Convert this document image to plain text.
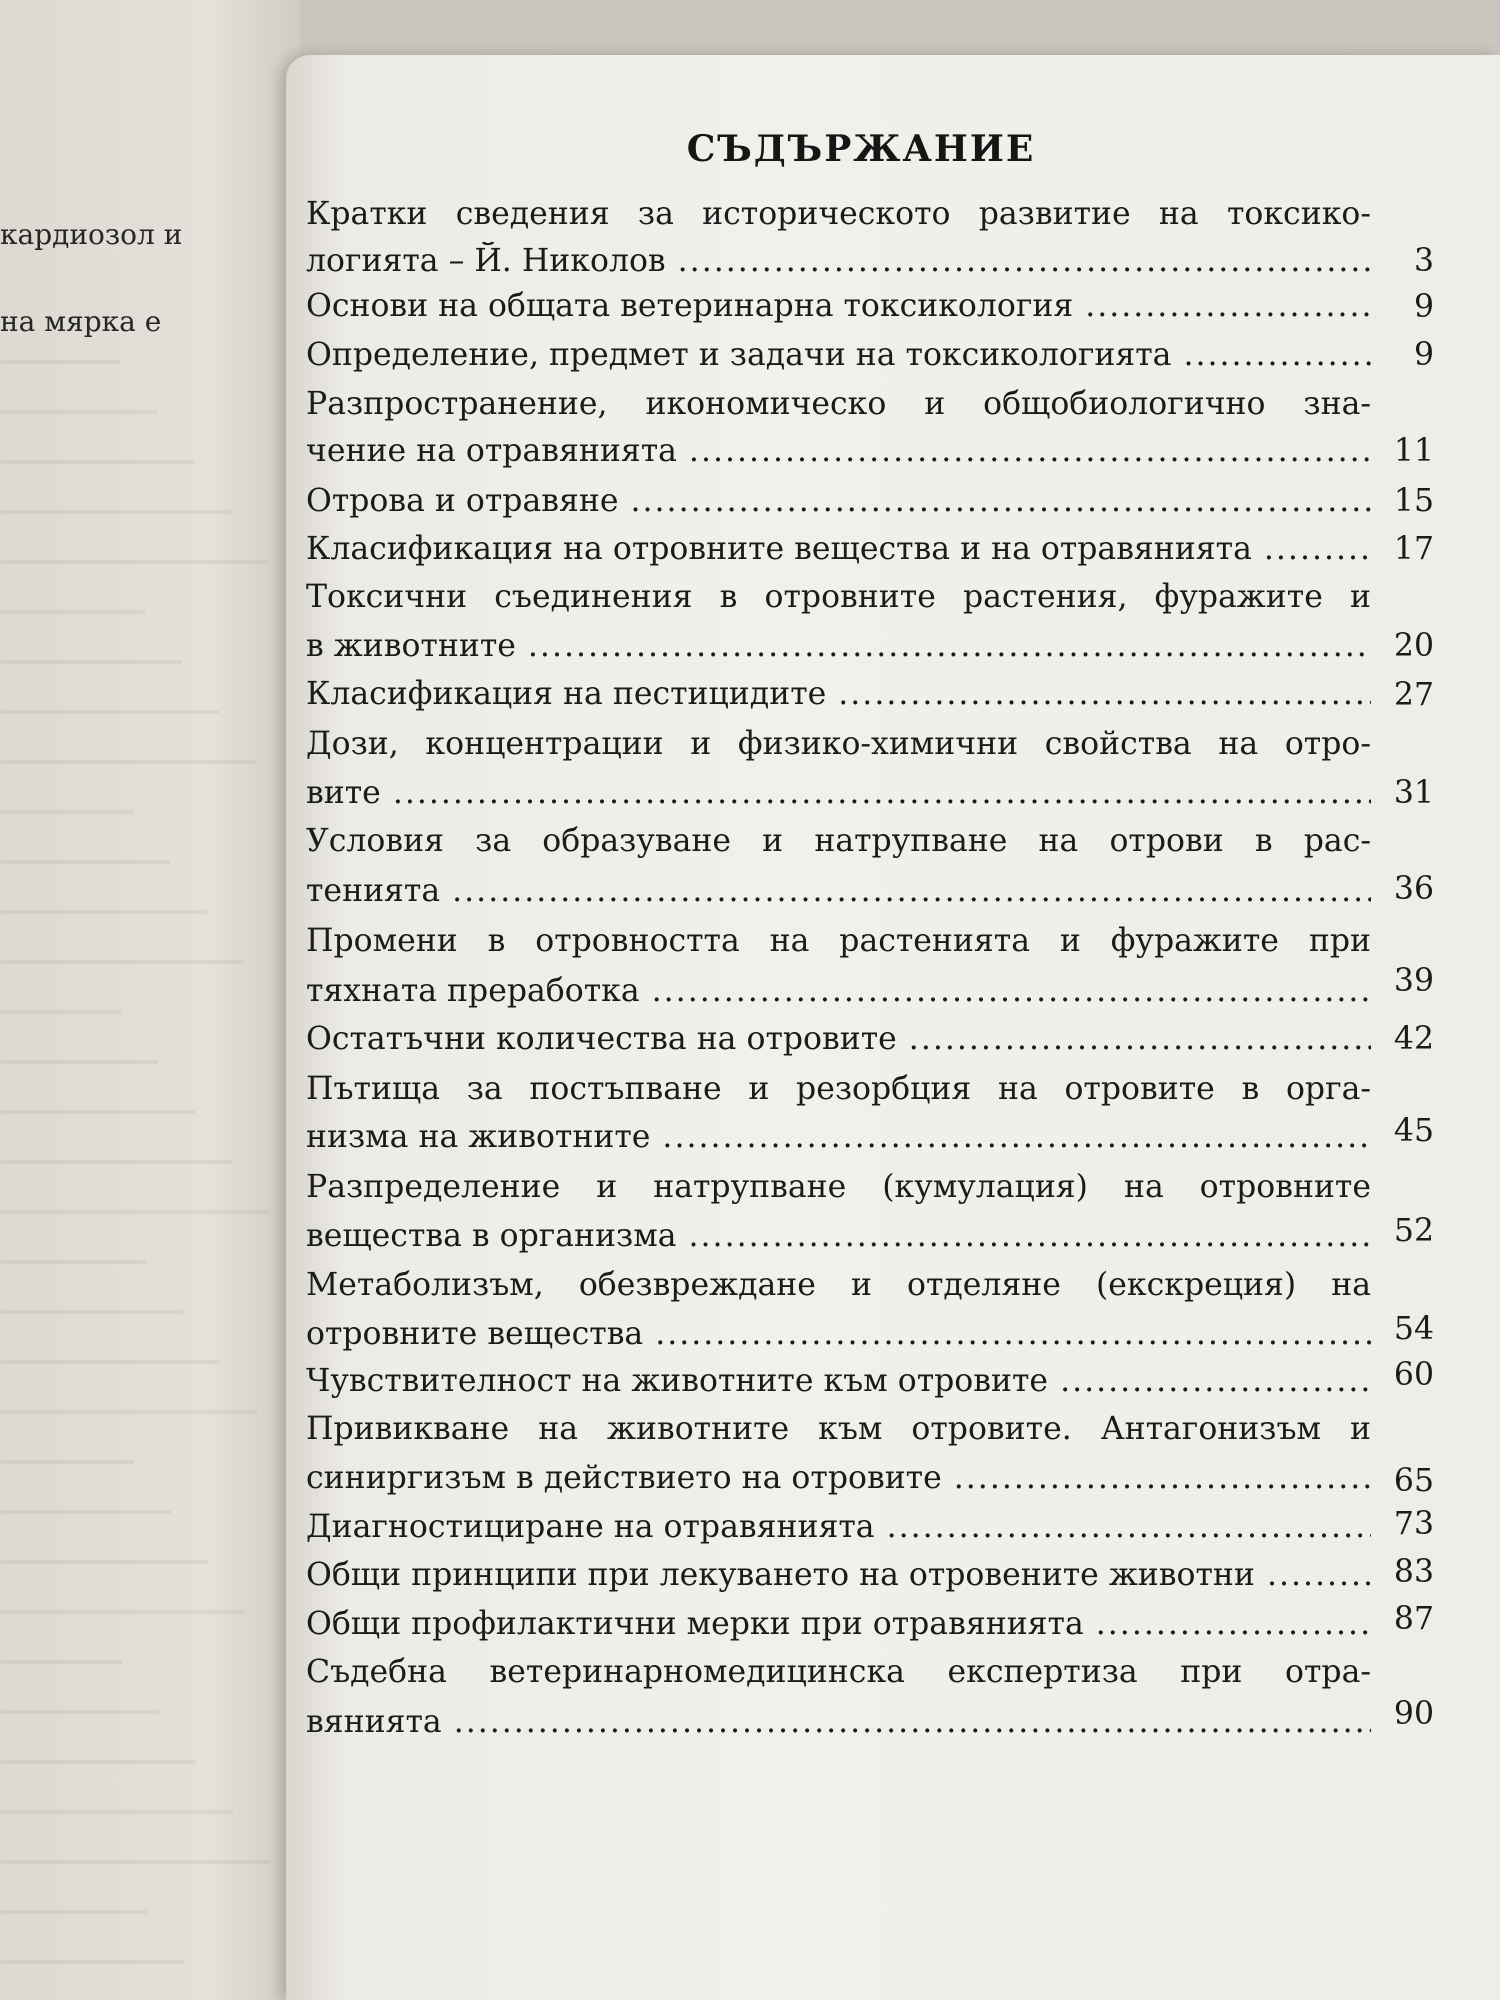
кардиозол и
на мярка е
СЪДЪРЖАНИЕ
Кратки сведения за историческото развитие на токсико-
логията – Й. Николов .....	3
Основи на общата ветеринарна токсикология .....	9
Определение, предмет и задачи на токсикологията .....	9
Разпространение, икономическо и общобиологично зна-
чение на отравянията .....	11
Отрова и отравяне .....	15
Класификация на отровните вещества и на отравянията .....	17
Токсични съединения в отровните растения, фуражите и
в животните .....	20
Класификация на пестицидите .....	27
Дози, концентрации и физико-химични свойства на отро-
вите .....	31
Условия за образуване и натрупване на отрови в рас-
тенията .....	36
Промени в отровността на растенията и фуражите при
тяхната преработка .....	39
Остатъчни количества на отровите .....	42
Пътища за постъпване и резорбция на отровите в орга-
низма на животните .....	45
Разпределение и натрупване (кумулация) на отровните
вещества в организма .....	52
Метаболизъм, обезвреждане и отделяне (екскреция) на
отровните вещества .....	54
Чувствителност на животните към отровите .....	60
Привикване на животните към отровите. Антагонизъм и
синиргизъм в действието на отровите .....	65
Диагностициране на отравянията .....	73
Общи принципи при лекуването на отровените животни .....	83
Общи профилактични мерки при отравянията .....	87
Съдебна ветеринарномедицинска експертиза при отра-
вянията .....	90
